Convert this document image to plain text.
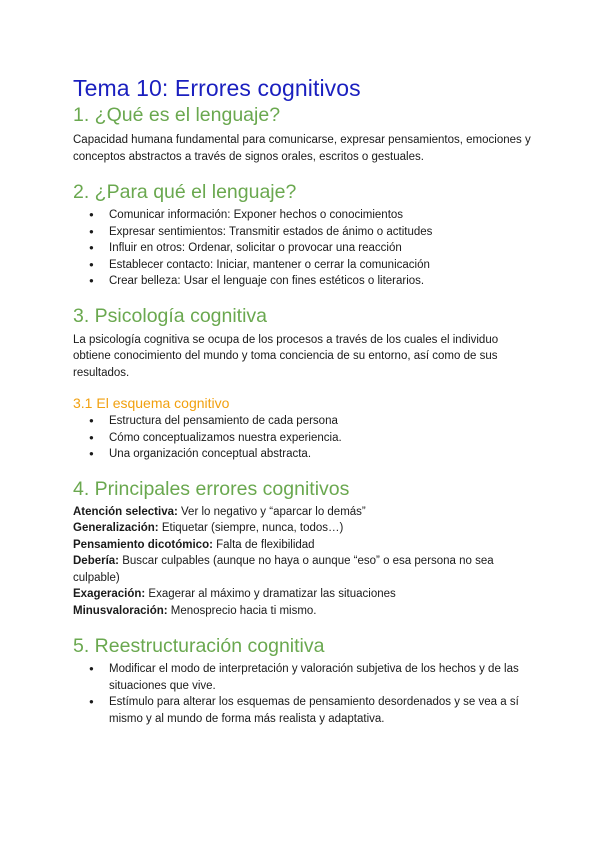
Tema 10: Errores cognitivos
1. ¿Qué es el lenguaje?

Capacidad humana fundamental para comunicarse, expresar pensamientos, emociones y conceptos abstractos a través de signos orales, escritos o gestuales.

2. ¿Para qué el lenguaje?
● Comunicar información: Exponer hechos o conocimientos
● Expresar sentimientos: Transmitir estados de ánimo o actitudes
● Influir en otros: Ordenar, solicitar o provocar una reacción
● Establecer contacto: Iniciar, mantener o cerrar la comunicación
● Crear belleza: Usar el lenguaje con fines estéticos o literarios.
3. Psicología cognitiva

La psicología cognitiva se ocupa de los procesos a través de los cuales el individuo obtiene conocimiento del mundo y toma conciencia de su entorno, así como de sus resultados.

3.1 El esquema cognitivo
● Estructura del pensamiento de cada persona
● Cómo conceptualizamos nuestra experiencia.
● Una organización conceptual abstracta.
4. Principales errores cognitivos

Atención selectiva: Ver lo negativo y “aparcar lo demás”

Generalización: Etiquetar (siempre, nunca, todos…)

Pensamiento dicotómico: Falta de flexibilidad

Debería: Buscar culpables (aunque no haya o aunque “eso” o esa persona no sea culpable)

Exageración: Exagerar al máximo y dramatizar las situaciones

Minusvaloración: Menosprecio hacia ti mismo.

5. Reestructuración cognitiva
● Modificar el modo de interpretación y valoración subjetiva de los hechos y de las situaciones que vive.
● Estímulo para alterar los esquemas de pensamiento desordenados y se vea a sí mismo y al mundo de forma más realista y adaptativa.
